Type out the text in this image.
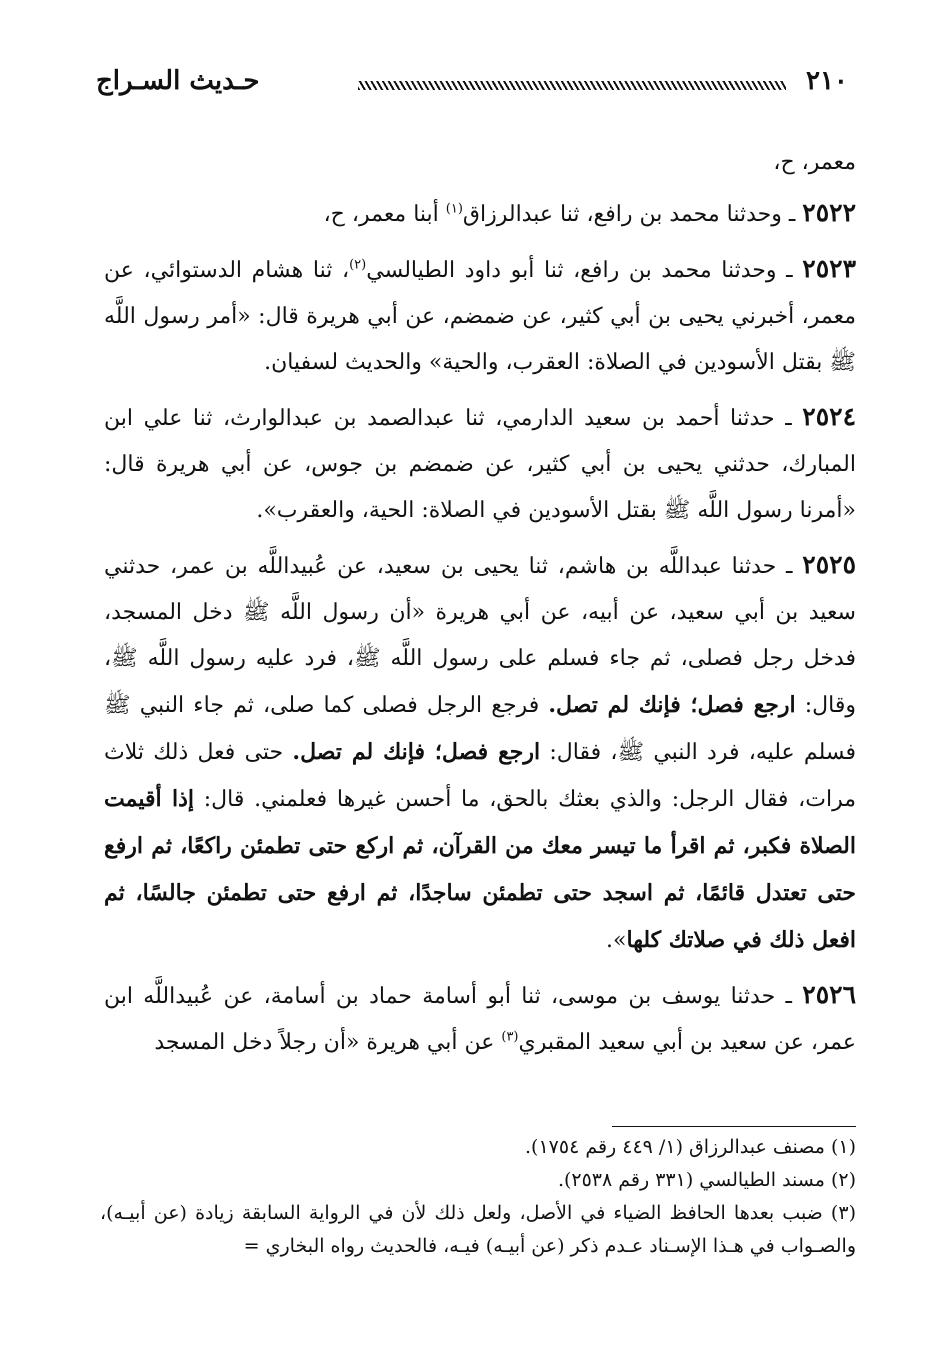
حـديث السـراج	٢١٠

معمر، ح،

٢٥٢٢ ـ وحدثنا محمد بن رافع، ثنا عبدالرزاق$^{(١)}$ أبنا معمر، ح،

٢٥٢٣ ـ وحدثنا محمد بن رافع، ثنا أبو داود الطيالسي$^{(٢)}$، ثنا هشام الدستوائي، عن معمر، أخبرني يحيى بن أبي كثير، عن ضمضم، عن أبي هريرة قال: «أمر رسول اللَّه ﷺ بقتل الأسودين في الصلاة: العقرب، والحية» والحديث لسفيان.

٢٥٢٤ ـ حدثنا أحمد بن سعيد الدارمي، ثنا عبدالصمد بن عبدالوارث، ثنا علي ابن المبارك، حدثني يحيى بن أبي كثير، عن ضمضم بن جوس، عن أبي هريرة قال: «أمرنا رسول اللَّه ﷺ بقتل الأسودين في الصلاة: الحية، والعقرب».

٢٥٢٥ ـ حدثنا عبداللَّه بن هاشم، ثنا يحيى بن سعيد، عن عُبيداللَّه بن عمر، حدثني سعيد بن أبي سعيد، عن أبيه، عن أبي هريرة «أن رسول اللَّه ﷺ دخل المسجد، فدخل رجل فصلى، ثم جاء فسلم على رسول اللَّه ﷺ، فرد عليه رسول اللَّه ﷺ، وقال: ارجع فصل؛ فإنك لم تصل. فرجع الرجل فصلى كما صلى، ثم جاء النبي ﷺ فسلم عليه، فرد النبي ﷺ، فقال: ارجع فصل؛ فإنك لم تصل. حتى فعل ذلك ثلاث مرات، فقال الرجل: والذي بعثك بالحق، ما أحسن غيرها فعلمني. قال: إذا أقيمت الصلاة فكبر، ثم اقرأ ما تيسر معك من القرآن، ثم اركع حتى تطمئن راكعًا، ثم ارفع حتى تعتدل قائمًا، ثم اسجد حتى تطمئن ساجدًا، ثم ارفع حتى تطمئن جالسًا، ثم افعل ذلك في صلاتك كلها».

٢٥٢٦ ـ حدثنا يوسف بن موسى، ثنا أبو أسامة حماد بن أسامة، عن عُبيداللَّه ابن عمر، عن سعيد بن أبي سعيد المقبري$^{(٣)}$ عن أبي هريرة «أن رجلاً دخل المسجد

(١) مصنف عبدالرزاق (١/ ٤٤٩ رقم ١٧٥٤).

(٢) مسند الطيالسي (٣٣١ رقم ٢٥٣٨).

(٣) ضبب بعدها الحافظ الضياء في الأصل، ولعل ذلك لأن في الرواية السابقة زيادة (عن أبيـه)، والصـواب في هـذا الإسـناد عـدم ذكر (عن أبيـه) فيـه، فالحديث رواه البخاري =
